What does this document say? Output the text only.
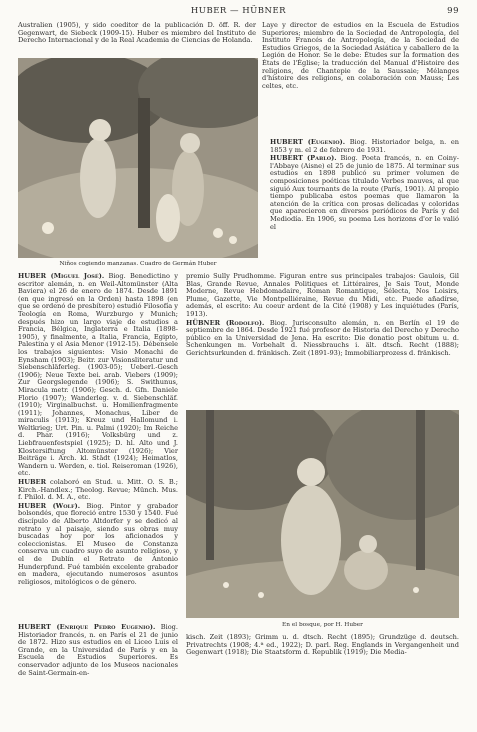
HUBER — HÜBNER	99

Australien (1905), y sido coeditor de la publicación D. öff. R. der Gegenwart, de Siebeck (1909-15). Huber es miembro del Instituto de Derecho Internacional y de la Real Academia de Ciencias de Holanda.

Niños cogiendo manzanas. Cuadro de Germán Huber

Laye y director de estudios en la Escuela de Estudios Superiores; miembro de la Sociedad de Antropología, del Instituto Francés de Antropología, de la Sociedad de Estudios Griegos, de la Sociedad Asiática y caballero de la Legión de Honor. Se le debe: Études sur la formation des États de l'Église; la traducción del Manual d'Histoire des religions, de Chantepie de la Saussaie; Mélanges d'histoire des religions, en colaboración con Mauss; Les celtes, etc.

HUBERT (Eugenio). Biog. Historiador belga, n. en 1853 y m. el 2 de febrero de 1931.

HUBERT (Pablo). Biog. Poeta francés, n. en Coiny-l'Abbaye (Aisne) el 25 de junio de 1875. Al terminar sus estudios en 1898 publicó su primer volumen de composiciones poéticas titulado Verbes mauves, al que siguió Aux tournants de la route (París, 1901). Al propio tiempo publicaba estos poemas que llamaron la atención de la crítica con prosas delicadas y coloridas que aparecieron en diversos periódicos de París y del Mediodía. En 1906, su poema Les horizons d'or le valió el

HUBER (Miguel José). Biog. Benedictino y escritor alemán, n. en Weil-Altomünster (Alta Baviera) el 26 de enero de 1874. Desde 1891 (en que ingresó en la Orden) hasta 1898 (en que se ordenó de presbítero) estudió Filosofía y Teología en Roma, Wurzburgo y Munich; después hizo un largo viaje de estudios a Francia, Bélgica, Inglaterra e Italia (1898-1905), y finalmente, a Italia, Francia, Egipto, Palestina y el Asia Menor (1912-15). Débensele los trabajos siguientes: Visio Monachi de Eynsham (1903); Beitr. zur Visionsliteratur und Siebenschläferleg. (1903-05); Ueberl.-Gesch (1906); Neue Texte bei. arab. Viebers (1909); Zur Georgslegende (1906); S. Swithunus, Miracula metr. (1906); Gesch. d. Gfn. Daniele Florio (1907); Wanderleg. v. d. Siebenschläf. (1910); Virginalbuchst. u. Homilienfragmente (1911); Johannes, Monachus, Liber de miraculis (1913); Kreuz und Hallomund i. Weltkrieg; Urt. Pin. u. Palmi (1920); Im Reiche d. Phar. (1916); Volksbürg und z. Liebfrauenfestspiel (1925); D. hl. Alto und J. Klostersiftung Altomünster (1926); Vier Beiträge i. Arch. kl. Städt (1924); Heimatlos, Wandern u. Werden, e. tiol. Reiseroman (1926), etc.

HUBER colaboró en Stud. u. Mitt. O. S. B.; Kirch.-Handlex.; Theolog. Revue; Münch. Mus. f. Philol. d. M. A., etc.

HUBER (Wolf). Biog. Pintor y grabador bolsondés, que floreció entre 1530 y 1540. Fué discípulo de Alberto Altdorfer y se dedicó al retrato y al paisaje, siendo sus obras muy buscadas hoy por los aficionados y coleccionistas. El Museo de Constanza conserva un cuadro suyo de asunto religioso, y el de Dublín el Retrato de Antonio Hunderpfund. Fué también excelente grabador en madera, ejecutando numerosos asuntos religiosos, mitológicos o de género.

premio Sully Prudhomme. Figuran entre sus principales trabajos: Gaulois, Gil Blas, Grande Revue, Annales Politiques et Littéraires, Je Sais Tout, Monde Moderne, Revue Hebdomadaire, Roman Romantique, Sélecta, Nos Loisirs, Plume, Gazette, Vie Montpelliéraine, Revue du Midi, etc. Puede añadírse, además, el escrito: Au coeur ardent de la Cité (1908) y Les inquiétudes (París, 1913).

HÜBNER (Rodolfo). Biog. Jurisconsulto alemán, n. en Berlín el 19 de septiembre de 1864. Desde 1921 fué profesor de Historia del Derecho y Derecho público en la Universidad de Jena. Ha escrito: Die donatio post obitum u. d. Schenkungen m. Vorbehalt d. Niessbrauchs i. ält. dtsch. Recht (1888); Gerichtsurkunden d. fränkisch. Zeit (1891-93); Immobiliarprozess d. fränkisch.

En el bosque, por H. Huber

HUBERT (Enrique Pedro Eugenio). Biog. Historiador francés, n. en París el 21 de junio de 1872. Hizo sus estudios en el Liceo Luis el Grande, en la Universidad de París y en la Escuela de Estudios Superiores. Es conservador adjunto de los Museos nacionales de Saint-Germain-en-

kisch. Zeit (1893); Grimm u. d. dtsch. Recht (1895); Grundzüge d. deutsch. Privatrechts (1908; 4.ª ed., 1922); D. parl. Reg. Englands in Vergangenheit und Gegenwart (1918); Die Staatsform d. Republik (1919); Die Media-
